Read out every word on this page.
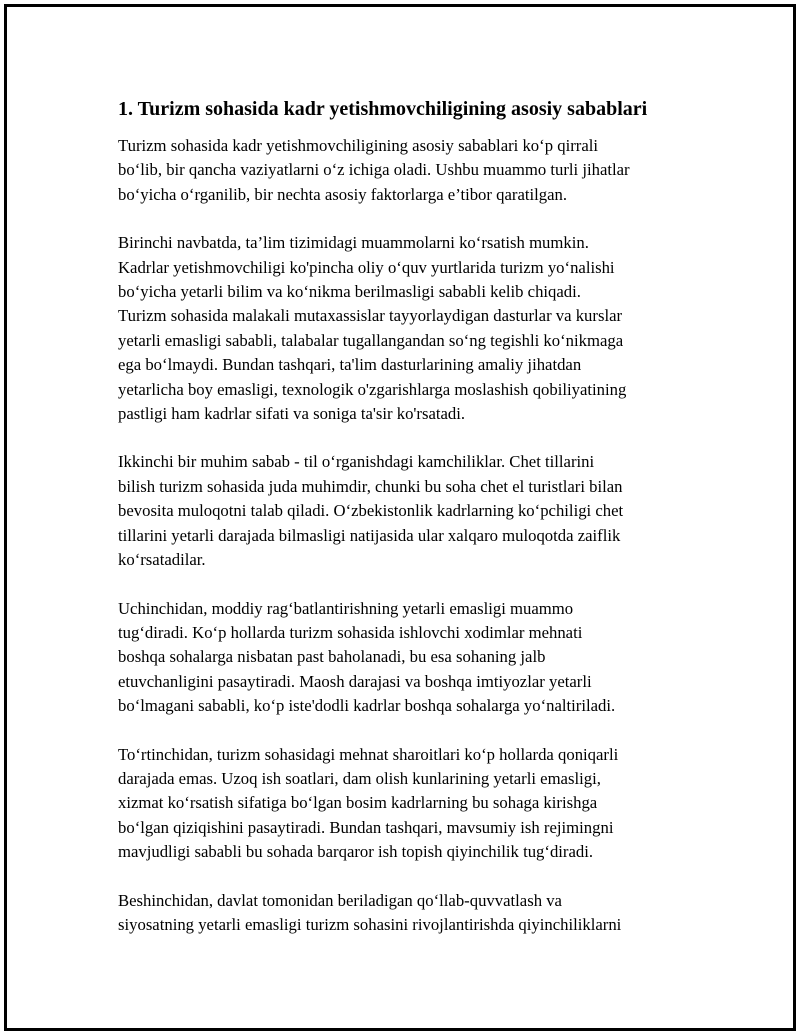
1. Turizm sohasida kadr yetishmovchiligining asosiy sabablari

Turizm sohasida kadr yetishmovchiligining asosiy sabablari ko‘p qirrali
bo‘lib, bir qancha vaziyatlarni o‘z ichiga oladi. Ushbu muammo turli jihatlar
bo‘yicha o‘rganilib, bir nechta asosiy faktorlarga e’tibor qaratilgan.

Birinchi navbatda, ta’lim tizimidagi muammolarni ko‘rsatish mumkin.
Kadrlar yetishmovchiligi ko'pincha oliy o‘quv yurtlarida turizm yo‘nalishi
bo‘yicha yetarli bilim va ko‘nikma berilmasligi sababli kelib chiqadi.
Turizm sohasida malakali mutaxassislar tayyorlaydigan dasturlar va kurslar
yetarli emasligi sababli, talabalar tugallangandan so‘ng tegishli ko‘nikmaga
ega bo‘lmaydi. Bundan tashqari, ta'lim dasturlarining amaliy jihatdan
yetarlicha boy emasligi, texnologik o'zgarishlarga moslashish qobiliyatining
pastligi ham kadrlar sifati va soniga ta'sir ko'rsatadi.

Ikkinchi bir muhim sabab - til o‘rganishdagi kamchiliklar. Chet tillarini
bilish turizm sohasida juda muhimdir, chunki bu soha chet el turistlari bilan
bevosita muloqotni talab qiladi. O‘zbekistonlik kadrlarning ko‘pchiligi chet
tillarini yetarli darajada bilmasligi natijasida ular xalqaro muloqotda zaiflik
ko‘rsatadilar.

Uchinchidan, moddiy rag‘batlantirishning yetarli emasligi muammo
tug‘diradi. Ko‘p hollarda turizm sohasida ishlovchi xodimlar mehnati
boshqa sohalarga nisbatan past baholanadi, bu esa sohaning jalb
etuvchanligini pasaytiradi. Maosh darajasi va boshqa imtiyozlar yetarli
bo‘lmagani sababli, ko‘p iste'dodli kadrlar boshqa sohalarga yo‘naltiriladi.

To‘rtinchidan, turizm sohasidagi mehnat sharoitlari ko‘p hollarda qoniqarli
darajada emas. Uzoq ish soatlari, dam olish kunlarining yetarli emasligi,
xizmat ko‘rsatish sifatiga bo‘lgan bosim kadrlarning bu sohaga kirishga
bo‘lgan qiziqishini pasaytiradi. Bundan tashqari, mavsumiy ish rejimingni
mavjudligi sababli bu sohada barqaror ish topish qiyinchilik tug‘diradi.

Beshinchidan, davlat tomonidan beriladigan qo‘llab-quvvatlash va
siyosatning yetarli emasligi turizm sohasini rivojlantirishda qiyinchiliklarni
